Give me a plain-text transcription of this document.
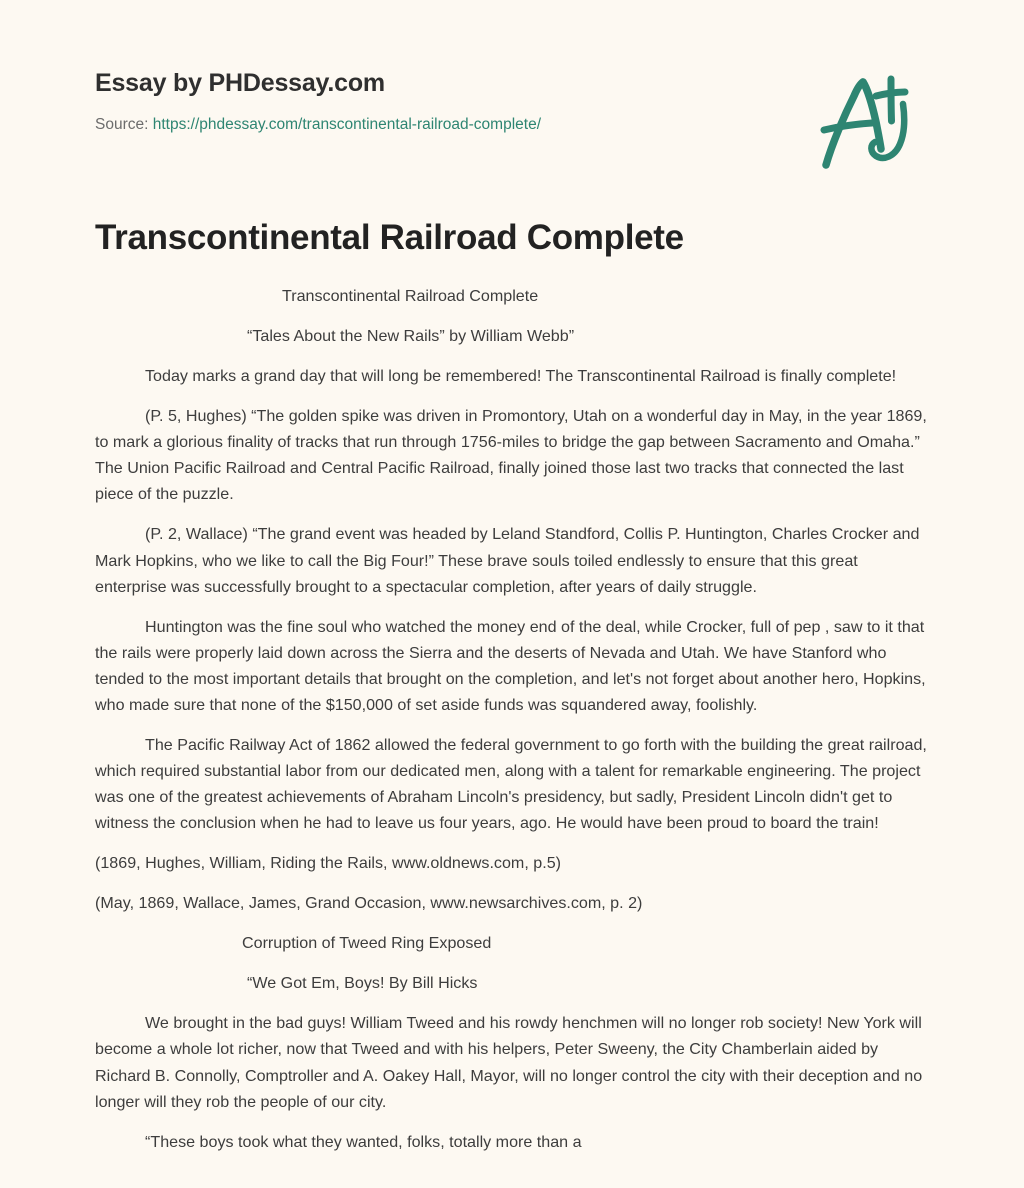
Essay by PHDessay.com
Source: https://phdessay.com/transcontinental-railroad-complete/
Transcontinental Railroad Complete

Transcontinental Railroad Complete

“Tales About the New Rails” by William Webb”

Today marks a grand day that will long be remembered! The Transcontinental Railroad is finally complete!

(P. 5, Hughes) “The golden spike was driven in Promontory, Utah on a wonderful day in May, in the year 1869, to mark a glorious finality of tracks that run through 1756-miles to bridge the gap between Sacramento and Omaha.” The Union Pacific Railroad and Central Pacific Railroad, finally joined those last two tracks that connected the last piece of the puzzle.

(P. 2, Wallace) “The grand event was headed by Leland Standford, Collis P. Huntington, Charles Crocker and Mark Hopkins, who we like to call the Big Four!” These brave souls toiled endlessly to ensure that this great enterprise was successfully brought to a spectacular completion, after years of daily struggle.

Huntington was the fine soul who watched the money end of the deal, while Crocker, full of pep , saw to it that the rails were properly laid down across the Sierra and the deserts of Nevada and Utah. We have Stanford who tended to the most important details that brought on the completion, and let's not forget about another hero, Hopkins, who made sure that none of the $150,000 of set aside funds was squandered away, foolishly.

The Pacific Railway Act of 1862 allowed the federal government to go forth with the building the great railroad, which required substantial labor from our dedicated men, along with a talent for remarkable engineering. The project was one of the greatest achievements of Abraham Lincoln's presidency, but sadly, President Lincoln didn't get to witness the conclusion when he had to leave us four years, ago. He would have been proud to board the train!

(1869, Hughes, William, Riding the Rails, www.oldnews.com, p.5)

(May, 1869, Wallace, James, Grand Occasion, www.newsarchives.com, p. 2)

Corruption of Tweed Ring Exposed

“We Got Em, Boys! By Bill Hicks

We brought in the bad guys! William Tweed and his rowdy henchmen will no longer rob society! New York will become a whole lot richer, now that Tweed and with his helpers, Peter Sweeny, the City Chamberlain aided by Richard B. Connolly, Comptroller and A. Oakey Hall, Mayor, will no longer control the city with their deception and no longer will they rob the people of our city.

“These boys took what they wanted, folks, totally more than a
